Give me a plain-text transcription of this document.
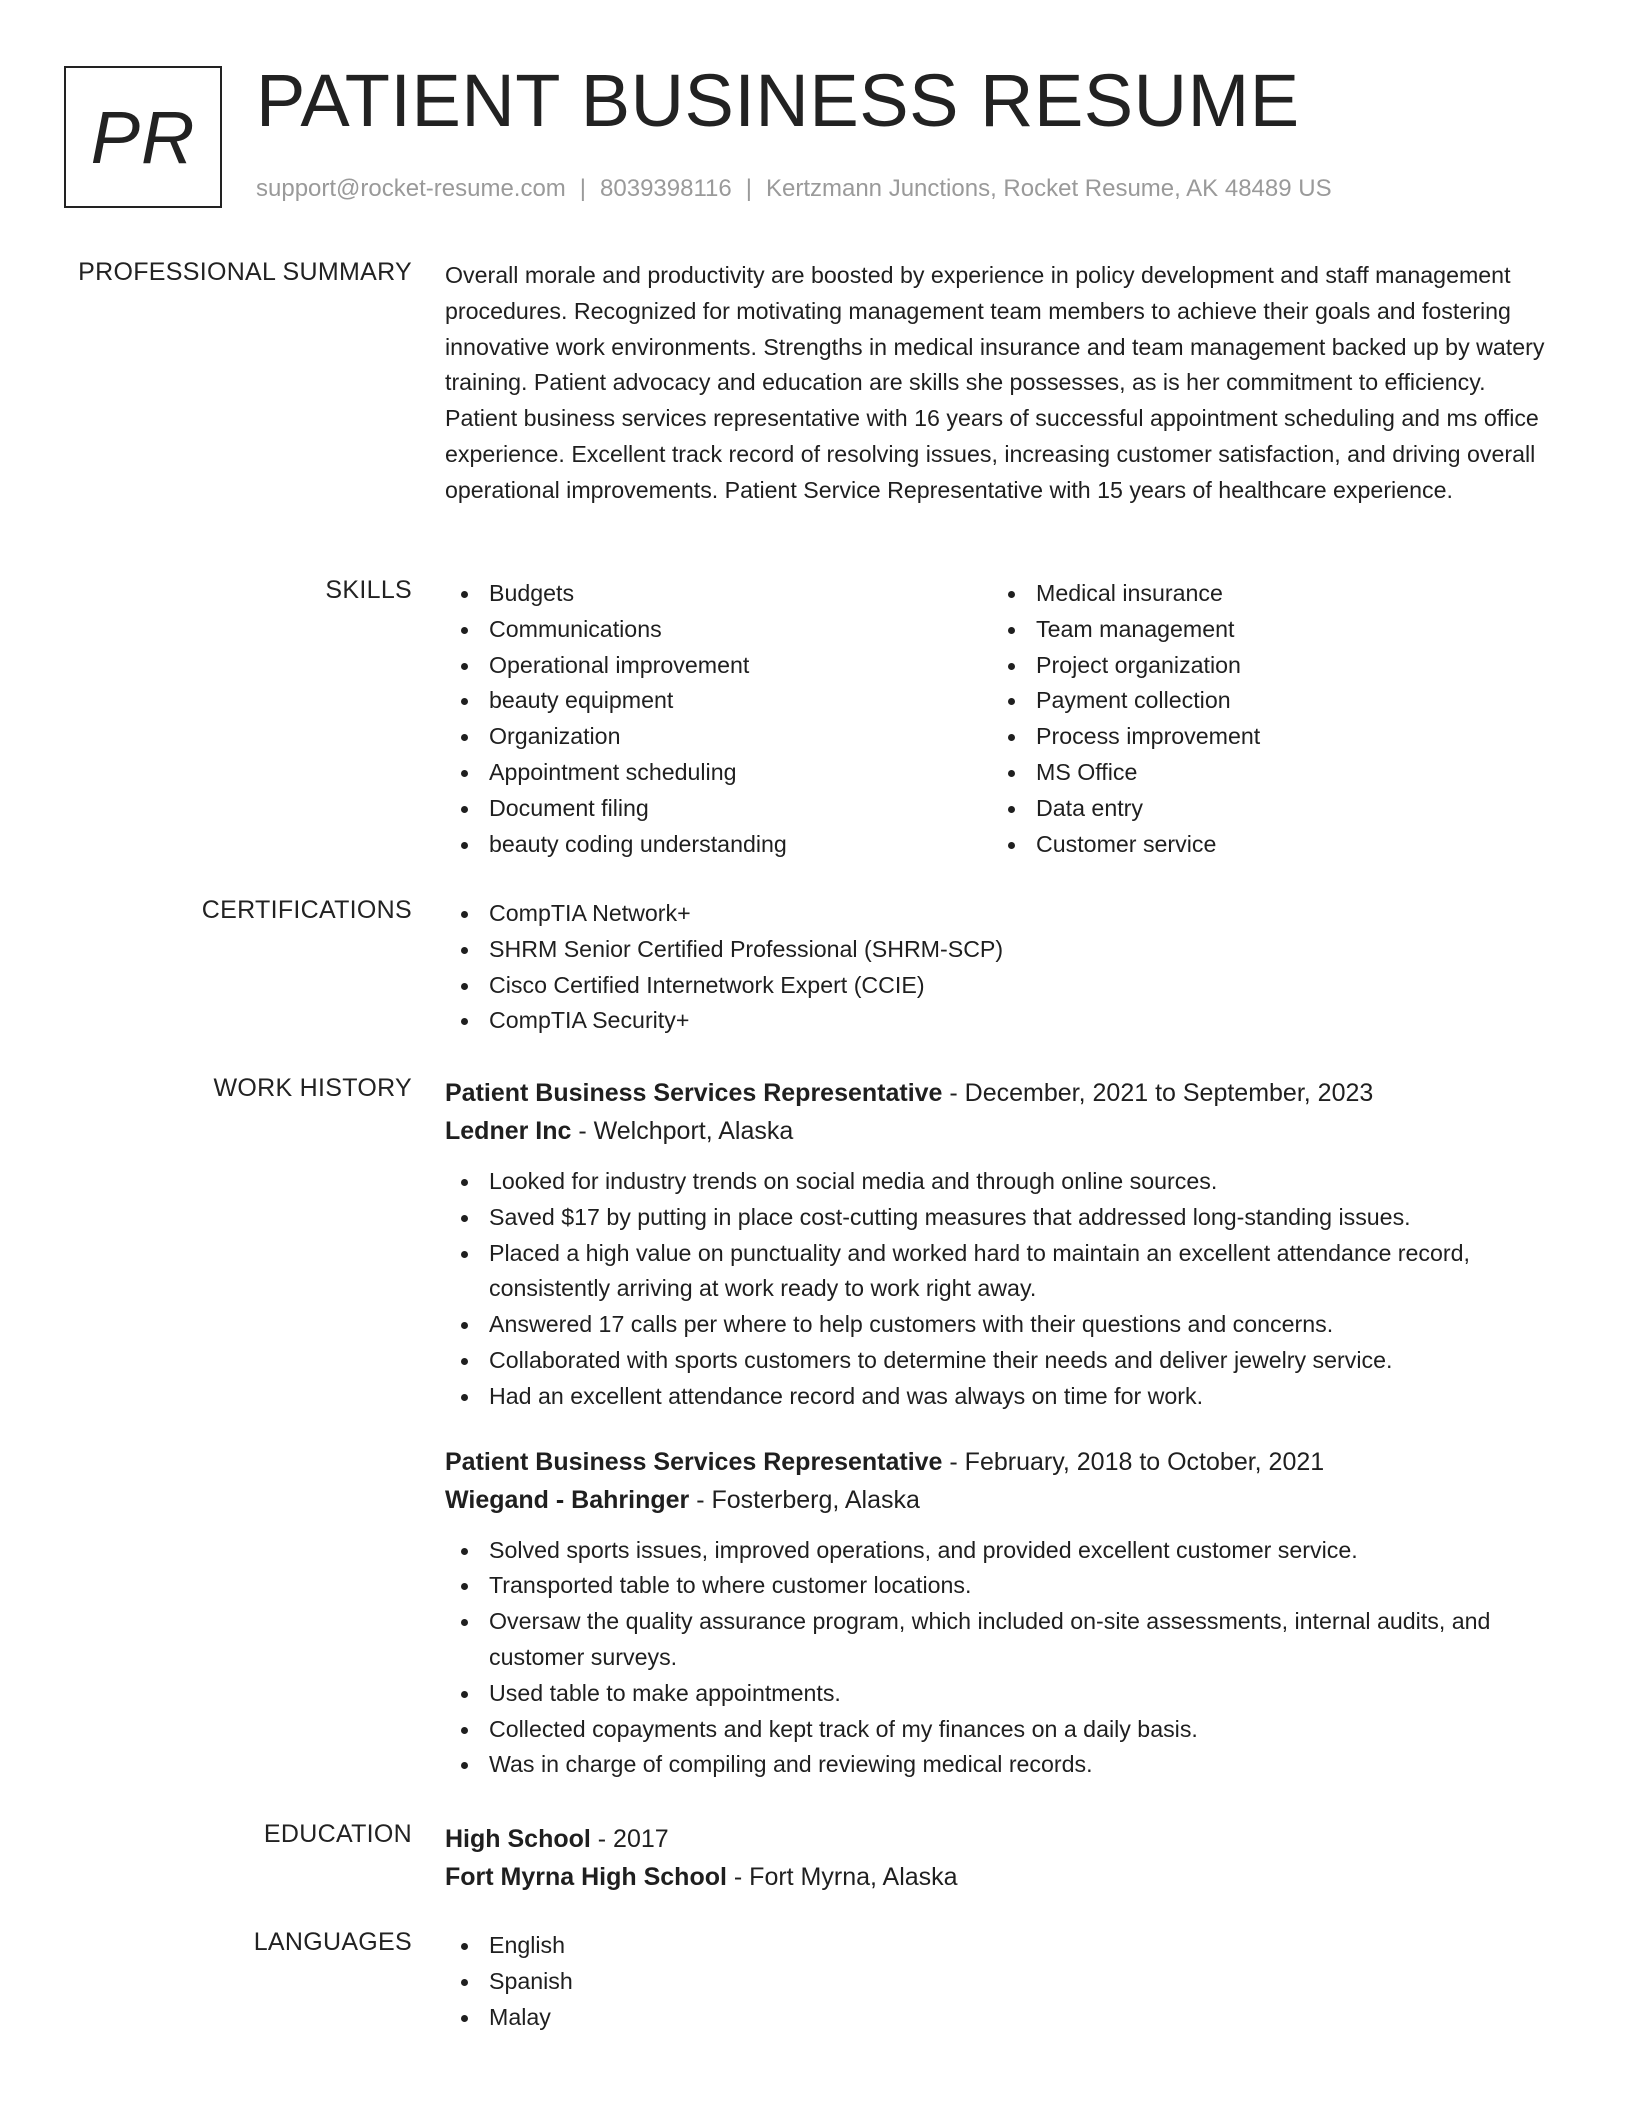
PR PATIENT BUSINESS RESUME
support@rocket-resume.com | 8039398116 | Kertzmann Junctions, Rocket Resume, AK 48489 US
PROFESSIONAL SUMMARY Overall morale and productivity are boosted by experience in policy development and staff management procedures. Recognized for motivating management team members to achieve their goals and fostering innovative work environments. Strengths in medical insurance and team management backed up by watery training. Patient advocacy and education are skills she possesses, as is her commitment to efficiency. Patient business services representative with 16 years of successful appointment scheduling and ms office experience. Excellent track record of resolving issues, increasing customer satisfaction, and driving overall operational improvements. Patient Service Representative with 15 years of healthcare experience.
SKILLS	Budgets
Communications
Operational improvement
beauty equipment
Organization
Appointment scheduling
Document filing
beauty coding understanding
Medical insurance
Team management
Project organization
Payment collection
Process improvement
MS Office
Data entry
Customer service
CERTIFICATIONS	CompTIA Network+
SHRM Senior Certified Professional (SHRM-SCP)
Cisco Certified Internetwork Expert (CCIE)
CompTIA Security+
WORK HISTORY Patient Business Services Representative - December, 2021 to September, 2023
Ledner Inc - Welchport, Alaska
Looked for industry trends on social media and through online sources.
Saved $17 by putting in place cost-cutting measures that addressed long-standing issues.
Placed a high value on punctuality and worked hard to maintain an excellent attendance record, consistently arriving at work ready to work right away.
Answered 17 calls per where to help customers with their questions and concerns.
Collaborated with sports customers to determine their needs and deliver jewelry service.
Had an excellent attendance record and was always on time for work.
Patient Business Services Representative - February, 2018 to October, 2021
Wiegand - Bahringer - Fosterberg, Alaska
Solved sports issues, improved operations, and provided excellent customer service.
Transported table to where customer locations.
Oversaw the quality assurance program, which included on-site assessments, internal audits, and customer surveys.
Used table to make appointments.
Collected copayments and kept track of my finances on a daily basis.
Was in charge of compiling and reviewing medical records.
EDUCATION High School - 2017
Fort Myrna High School - Fort Myrna, Alaska
LANGUAGES	English
Spanish
Malay
